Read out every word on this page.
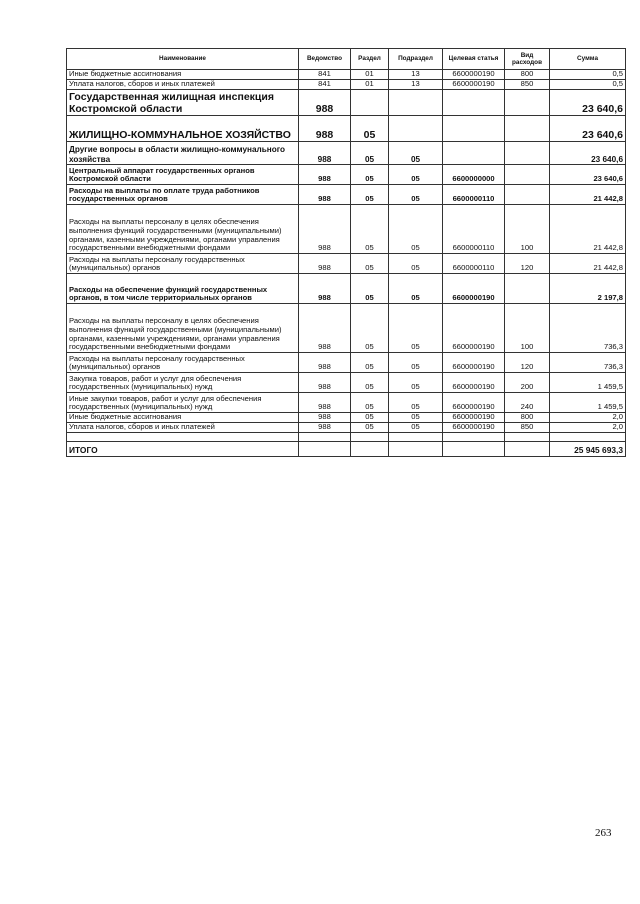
Наименование	Ведомство	Раздел	Подраздел	Целевая статья	Вид расходов	Сумма
Иные бюджетные ассигнования	841	01	13	6600000190	800	0,5
Уплата налогов, сборов и иных платежей	841	01	13	6600000190	850	0,5
Государственная жилищная инспекция Костромской области	988					23 640,6
ЖИЛИЩНО-КОММУНАЛЬНОЕ ХОЗЯЙСТВО	988	05				23 640,6
Другие вопросы в области жилищно-коммунального хозяйства	988	05	05			23 640,6
Центральный аппарат государственных органов Костромской области	988	05	05	6600000000		23 640,6
Расходы на выплаты по оплате труда работников государственных органов	988	05	05	6600000110		21 442,8
Расходы на выплаты персоналу в целях обеспечения выполнения функций государственными (муниципальными) органами, казенными учреждениями, органами управления государственными внебюджетными фондами	988	05	05	6600000110	100	21 442,8
Расходы на выплаты персоналу государственных (муниципальных) органов	988	05	05	6600000110	120	21 442,8
Расходы на обеспечение функций государственных органов, в том числе территориальных органов	988	05	05	6600000190		2 197,8
Расходы на выплаты персоналу в целях обеспечения выполнения функций государственными (муниципальными) органами, казенными учреждениями, органами управления государственными внебюджетными фондами	988	05	05	6600000190	100	736,3
Расходы на выплаты персоналу государственных (муниципальных) органов	988	05	05	6600000190	120	736,3
Закупка товаров, работ и услуг для обеспечения государственных (муниципальных) нужд	988	05	05	6600000190	200	1 459,5
Иные закупки товаров, работ и услуг для обеспечения государственных (муниципальных) нужд	988	05	05	6600000190	240	1 459,5
Иные бюджетные ассигнования	988	05	05	6600000190	800	2,0
Уплата налогов, сборов и иных платежей	988	05	05	6600000190	850	2,0

ИТОГО						25 945 693,3
263
